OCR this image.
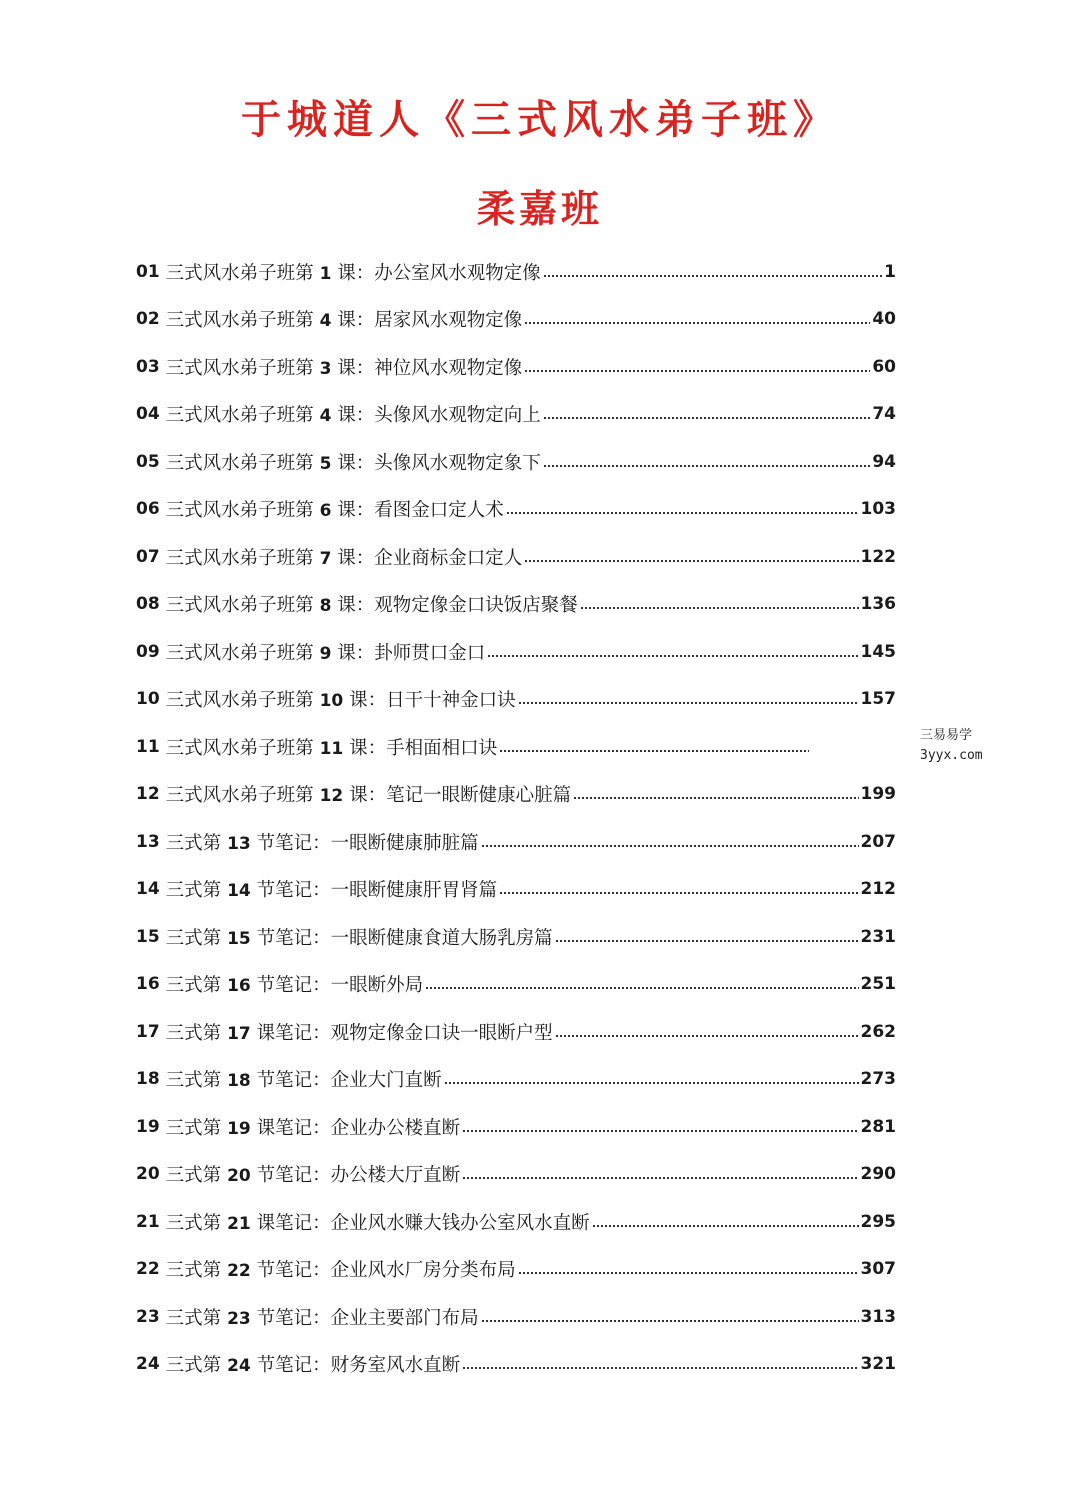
于城道人《三式风水弟子班》
柔嘉班
01 三式风水弟子班第 1 课：办公室风水观物定像	1
02 三式风水弟子班第 4 课：居家风水观物定像	40
03 三式风水弟子班第 3 课：神位风水观物定像	60
04 三式风水弟子班第 4 课：头像风水观物定向上	74
05 三式风水弟子班第 5 课：头像风水观物定象下	94
06 三式风水弟子班第 6 课：看图金口定人术	103
07 三式风水弟子班第 7 课：企业商标金口定人	122
08 三式风水弟子班第 8 课：观物定像金口诀饭店聚餐	136
09 三式风水弟子班第 9 课：卦师贯口金口	145
10 三式风水弟子班第 10 课：日干十神金口诀	157
11 三式风水弟子班第 11 课：手相面相口诀
12 三式风水弟子班第 12 课：笔记一眼断健康心脏篇	199
13 三式第 13 节笔记：一眼断健康肺脏篇	207
14 三式第 14 节笔记：一眼断健康肝胃肾篇	212
15 三式第 15 节笔记：一眼断健康食道大肠乳房篇	231
16 三式第 16 节笔记：一眼断外局	251
17 三式第 17 课笔记：观物定像金口诀一眼断户型	262
18 三式第 18 节笔记：企业大门直断	273
19 三式第 19 课笔记：企业办公楼直断	281
20 三式第 20 节笔记：办公楼大厅直断	290
21 三式第 21 课笔记：企业风水赚大钱办公室风水直断	295
22 三式第 22 节笔记：企业风水厂房分类布局	307
23 三式第 23 节笔记：企业主要部门布局	313
24 三式第 24 节笔记：财务室风水直断	321
三易易学
3yyx.com
